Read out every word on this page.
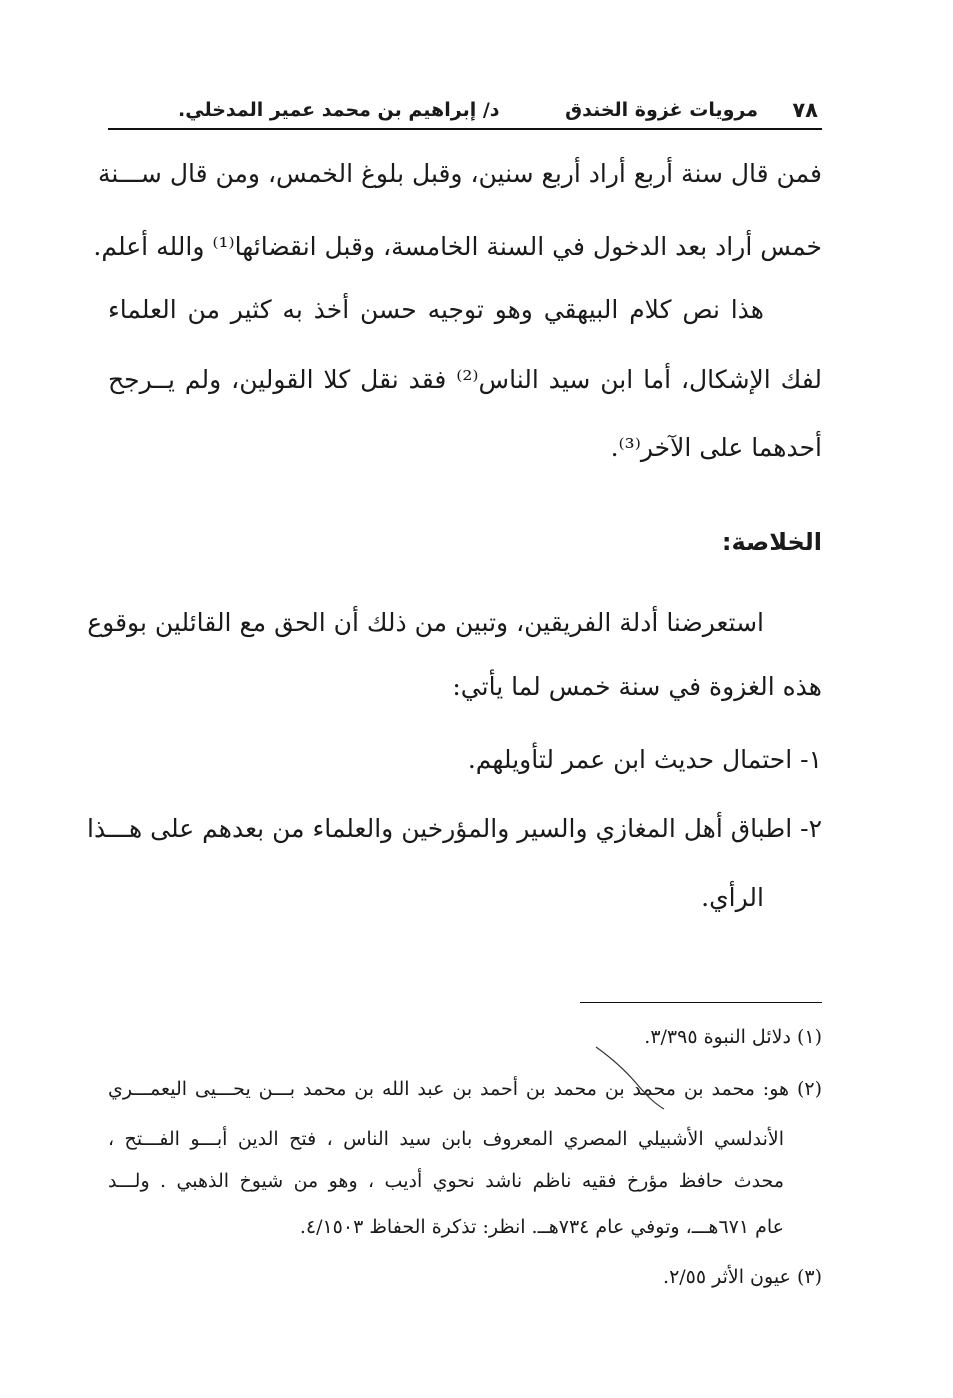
٧٨
مرويات غزوة الخندق
د/ إبراهيم بن محمد عمير المدخلي.
فمن قال سنة أربع أراد أربع سنين، وقبل بلوغ الخمس، ومن قال ســـنة
خمس أراد بعد الدخول في السنة الخامسة، وقبل انقضائها⁽¹⁾ والله أعلم.
هذا نص كلام البيهقي وهو توجيه حسن أخذ به كثير من العلماء
لفك الإشكال، أما ابن سيد الناس⁽²⁾ فقد نقل كلا القولين، ولم يــرجح
أحدهما على الآخر⁽³⁾.
الخلاصة:
استعرضنا أدلة الفريقين، وتبين من ذلك أن الحق مع القائلين بوقوع
هذه الغزوة في سنة خمس لما يأتي:
١- احتمال حديث ابن عمر لتأويلهم.
٢- اطباق أهل المغازي والسير والمؤرخين والعلماء من بعدهم على هـــذا
الرأي.
(١) دلائل النبوة ٣/٣٩٥.
(٢) هو: محمد بن محمد بن محمد بن أحمد بن عبد الله بن محمد بـــن يحـــيى اليعمـــري
الأندلسي الأشبيلي المصري المعروف بابن سيد الناس ، فتح الدين أبـــو الفـــتح ،
محدث حافظ مؤرخ فقيه ناظم ناشد نحوي أديب ، وهو من شيوخ الذهبي . ولـــد
عام ٦٧١هـــ، وتوفي عام ٧٣٤هــ. انظر: تذكرة الحفاظ ٤/١٥٠٣.
(٣) عيون الأثر ٢/٥٥.
